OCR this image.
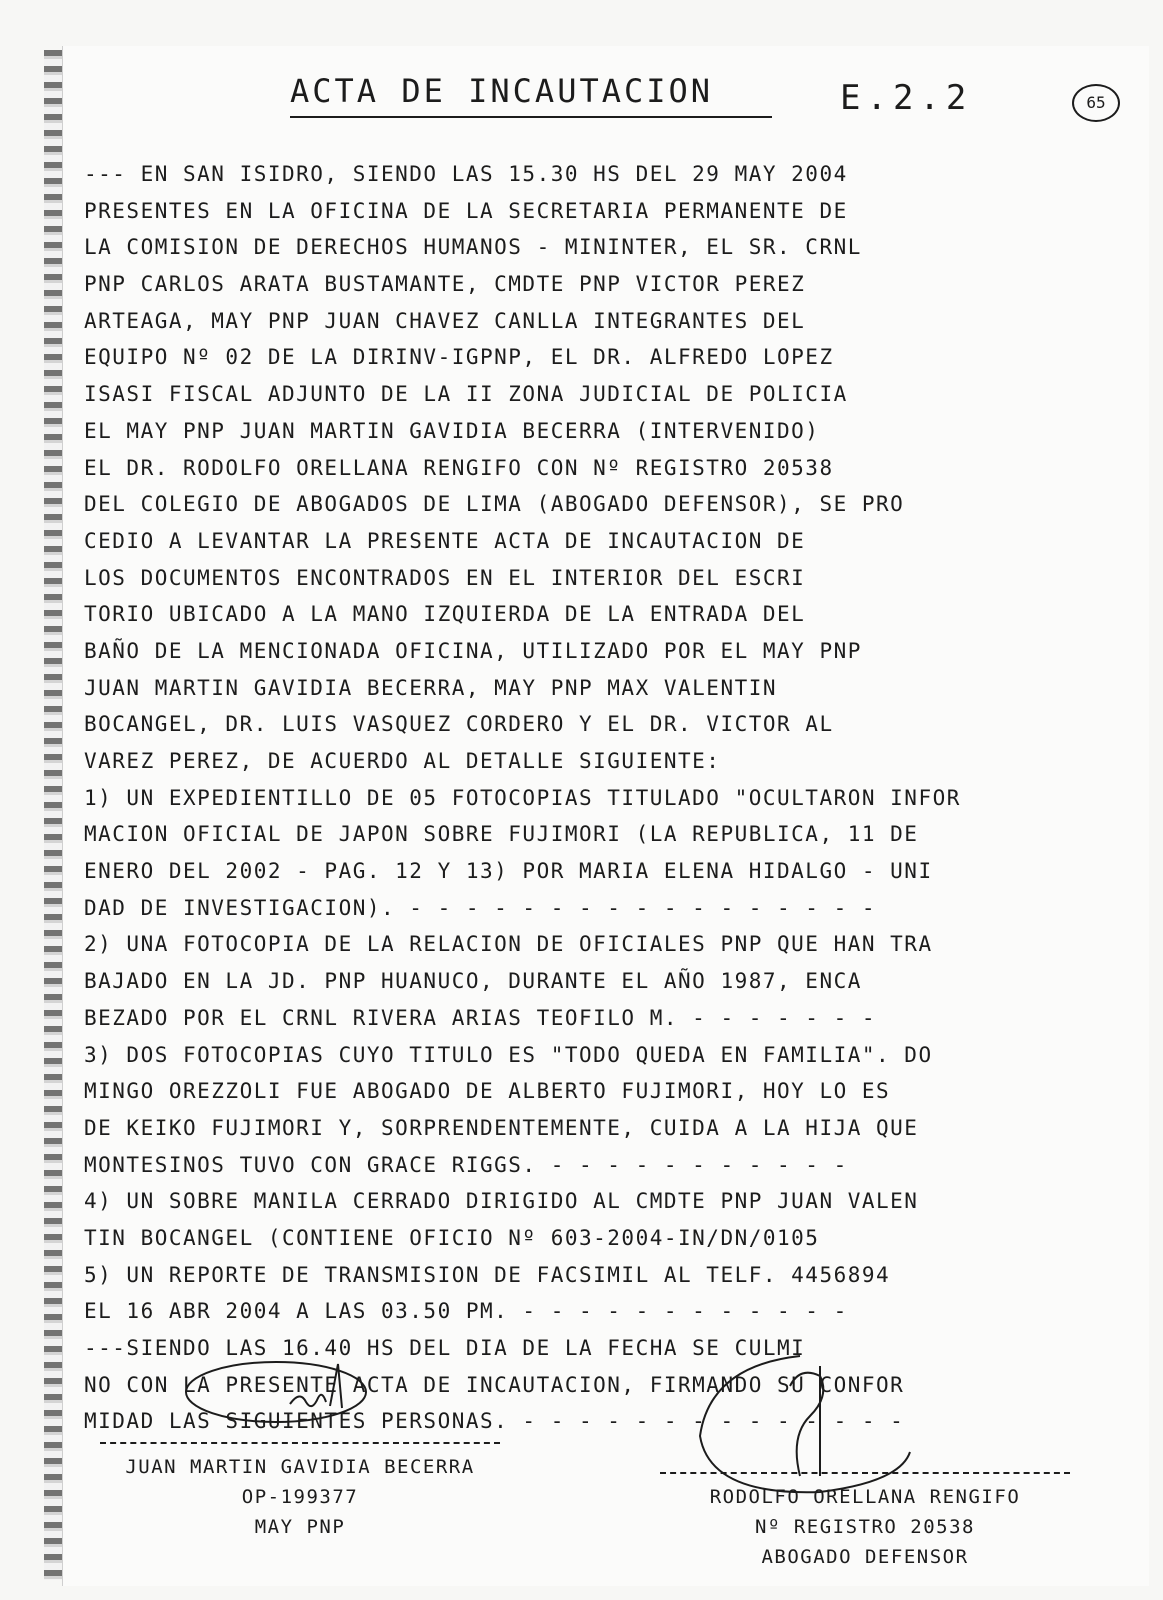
ACTA DE INCAUTACION	E.2.2	65
--- EN SAN ISIDRO, SIENDO LAS 15.30 HS DEL 29 MAY 2004
PRESENTES EN LA OFICINA DE LA SECRETARIA PERMANENTE DE
LA COMISION DE DERECHOS HUMANOS - MININTER, EL SR. CRNL
PNP CARLOS ARATA BUSTAMANTE, CMDTE PNP VICTOR PEREZ
ARTEAGA, MAY PNP JUAN CHAVEZ CANLLA INTEGRANTES DEL
EQUIPO Nº 02 DE LA DIRINV-IGPNP, EL DR. ALFREDO LOPEZ
ISASI FISCAL ADJUNTO DE LA II ZONA JUDICIAL DE POLICIA
EL MAY PNP JUAN MARTIN GAVIDIA BECERRA (INTERVENIDO)
EL DR. RODOLFO ORELLANA RENGIFO CON Nº REGISTRO 20538
DEL COLEGIO DE ABOGADOS DE LIMA (ABOGADO DEFENSOR), SE PRO
CEDIO A LEVANTAR LA PRESENTE ACTA DE INCAUTACION DE
LOS DOCUMENTOS ENCONTRADOS EN EL INTERIOR DEL ESCRI
TORIO UBICADO A LA MANO IZQUIERDA DE LA ENTRADA DEL
BAÑO DE LA MENCIONADA OFICINA, UTILIZADO POR EL MAY PNP
JUAN MARTIN GAVIDIA BECERRA, MAY PNP MAX VALENTIN
BOCANGEL, DR. LUIS VASQUEZ CORDERO Y EL DR. VICTOR AL
VAREZ PEREZ, DE ACUERDO AL DETALLE SIGUIENTE:
1) UN EXPEDIENTILLO DE 05 FOTOCOPIAS TITULADO "OCULTARON INFOR
MACION OFICIAL DE JAPON SOBRE FUJIMORI (LA REPUBLICA, 11 DE
ENERO DEL 2002 - PAG. 12 Y 13) POR MARIA ELENA HIDALGO - UNI
DAD DE INVESTIGACION). - - - - - - - - - - - - - - - - -
2) UNA FOTOCOPIA DE LA RELACION DE OFICIALES PNP QUE HAN TRA
BAJADO EN LA JD. PNP HUANUCO, DURANTE EL AÑO 1987, ENCA
BEZADO POR EL CRNL RIVERA ARIAS TEOFILO M. - - - - - - -
3) DOS FOTOCOPIAS CUYO TITULO ES "TODO QUEDA EN FAMILIA". DO
MINGO OREZZOLI FUE ABOGADO DE ALBERTO FUJIMORI, HOY LO ES
DE KEIKO FUJIMORI Y, SORPRENDENTEMENTE, CUIDA A LA HIJA QUE
MONTESINOS TUVO CON GRACE RIGGS. - - - - - - - - - - -
4) UN SOBRE MANILA CERRADO DIRIGIDO AL CMDTE PNP JUAN VALEN
TIN BOCANGEL (CONTIENE OFICIO Nº 603-2004-IN/DN/0105
5) UN REPORTE DE TRANSMISION DE FACSIMIL AL TELF. 4456894
EL 16 ABR 2004 A LAS 03.50 PM. - - - - - - - - - - - -
---SIENDO LAS 16.40 HS DEL DIA DE LA FECHA SE CULMI
NO CON LA PRESENTE ACTA DE INCAUTACION, FIRMANDO SU CONFOR
MIDAD LAS SIGUIENTES PERSONAS. - - - - - - - - - - - - - -
JUAN MARTIN GAVIDIA BECERRA
OP-199377
MAY PNP
RODOLFO ORELLANA RENGIFO
Nº REGISTRO 20538
ABOGADO DEFENSOR
